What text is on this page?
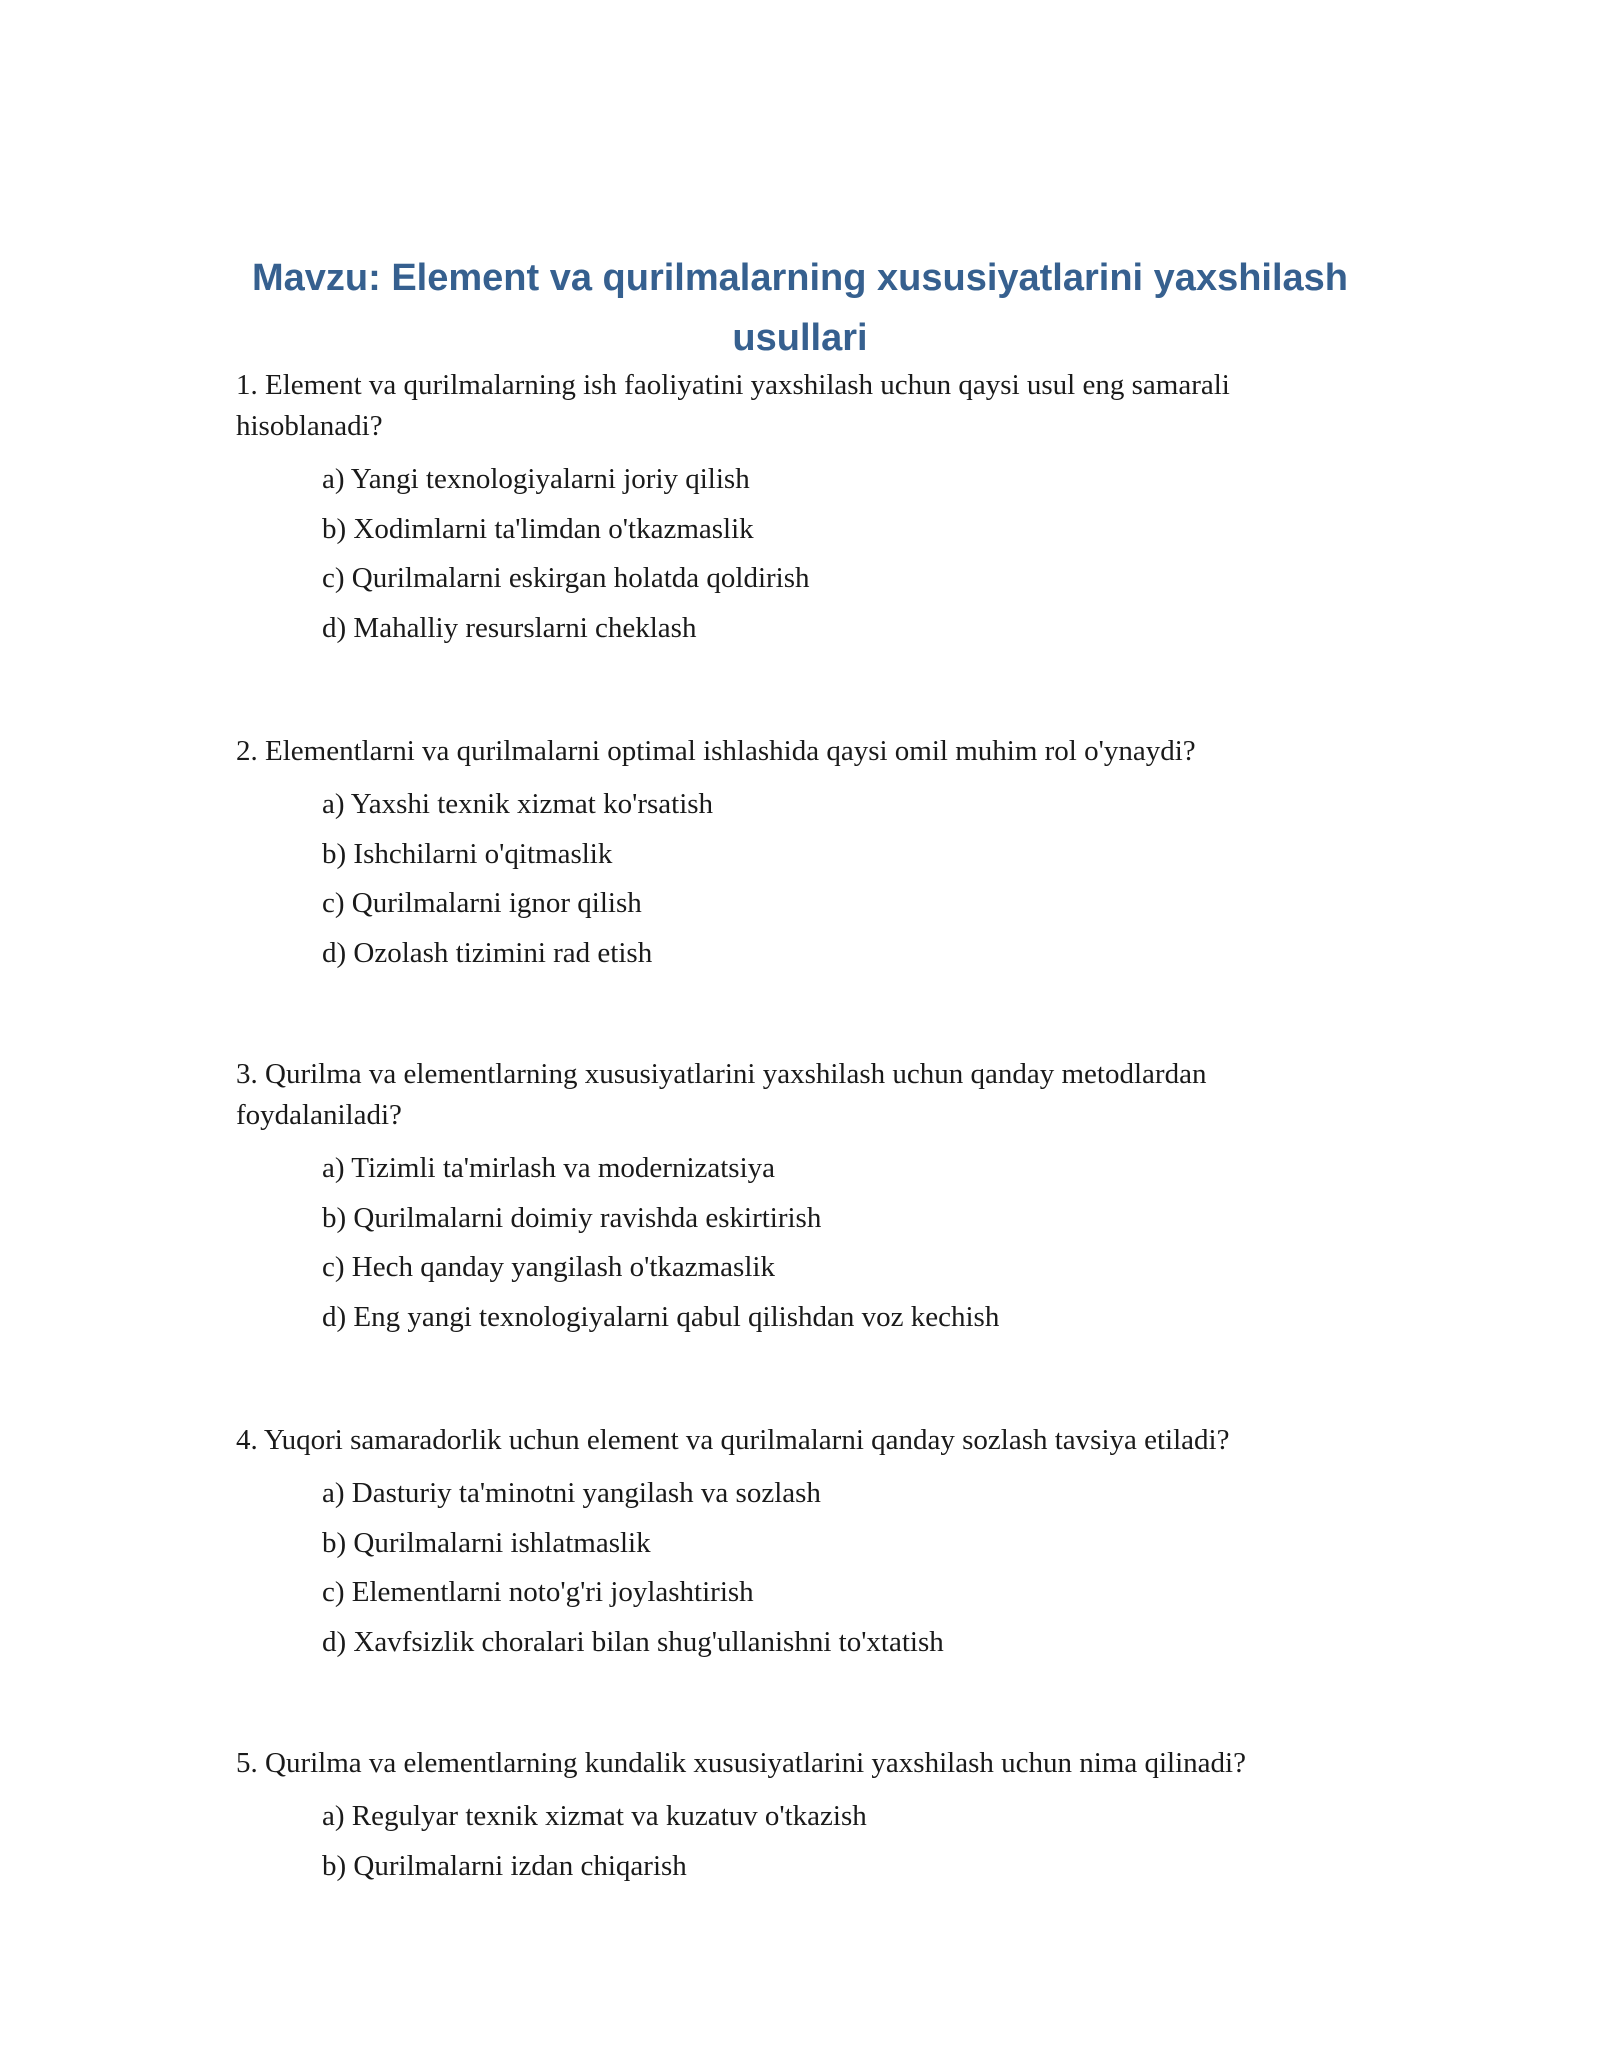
Mavzu: Element va qurilmalarning xususiyatlarini yaxshilash usullari

1. Element va qurilmalarning ish faoliyatini yaxshilash uchun qaysi usul eng samarali hisoblanadi?

a) Yangi texnologiyalarni joriy qilish
b) Xodimlarni ta'limdan o'tkazmaslik
c) Qurilmalarni eskirgan holatda qoldirish
d) Mahalliy resurslarni cheklash

2. Elementlarni va qurilmalarni optimal ishlashida qaysi omil muhim rol o'ynaydi?

a) Yaxshi texnik xizmat ko'rsatish
b) Ishchilarni o'qitmaslik
c) Qurilmalarni ignor qilish
d) Ozolash tizimini rad etish

3. Qurilma va elementlarning xususiyatlarini yaxshilash uchun qanday metodlardan foydalaniladi?

a) Tizimli ta'mirlash va modernizatsiya
b) Qurilmalarni doimiy ravishda eskirtirish
c) Hech qanday yangilash o'tkazmaslik
d) Eng yangi texnologiyalarni qabul qilishdan voz kechish

4. Yuqori samaradorlik uchun element va qurilmalarni qanday sozlash tavsiya etiladi?

a) Dasturiy ta'minotni yangilash va sozlash
b) Qurilmalarni ishlatmaslik
c) Elementlarni noto'g'ri joylashtirish
d) Xavfsizlik choralari bilan shug'ullanishni to'xtatish

5. Qurilma va elementlarning kundalik xususiyatlarini yaxshilash uchun nima qilinadi?

a) Regulyar texnik xizmat va kuzatuv o'tkazish
b) Qurilmalarni izdan chiqarish
